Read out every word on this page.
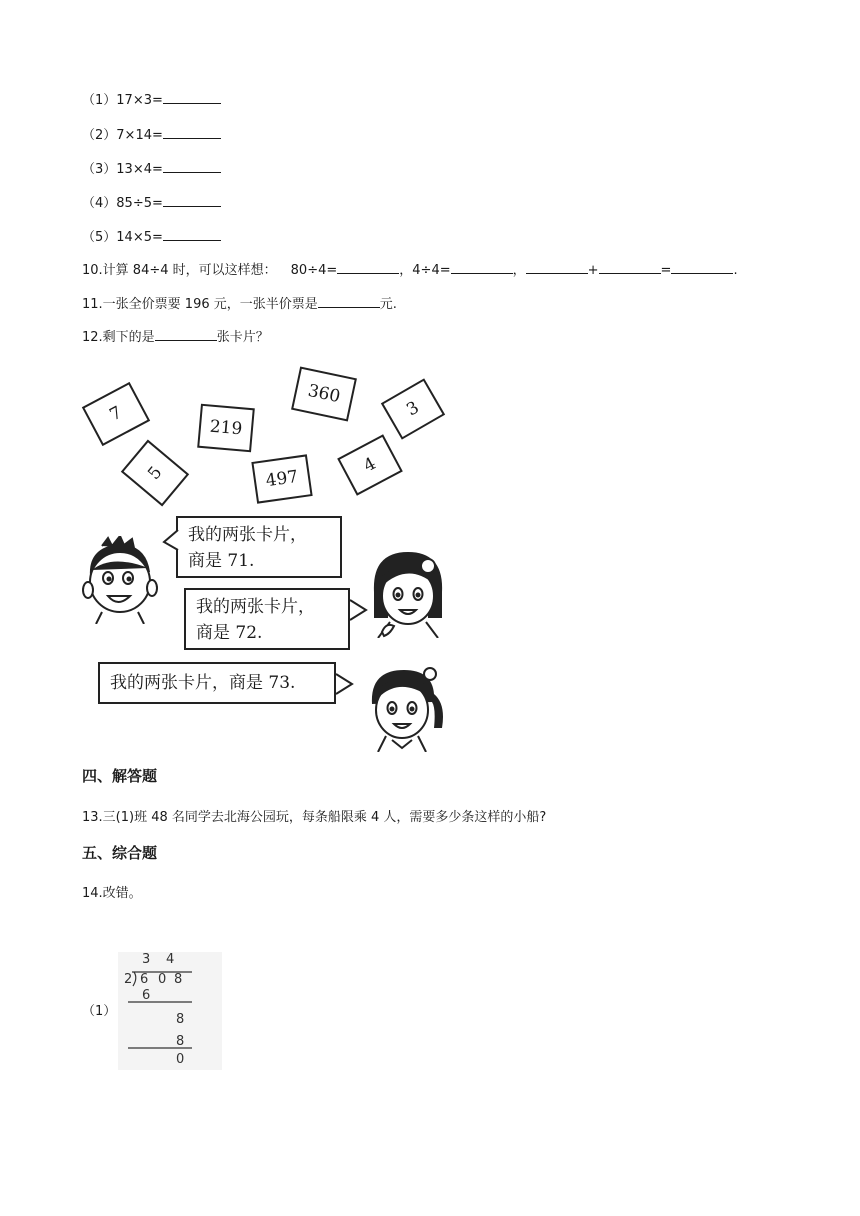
（1）17×3=
（2）7×14=
（3）13×4=
（4）85÷5=
（5）14×5=
10.计算 84÷4 时，可以这样想： 80÷4=	，4÷4=	，	+	=	.
11.一张全价票要 196 元，一张半价票是	元.
12.剩下的是	张卡片？
7
219
360
3
5	497
4
我的两张卡片，
商是 71.
我的两张卡片，
商是 72.
我的两张卡片，商是 73.
四、解答题
13.三(1)班 48 名同学去北海公园玩，每条船限乘 4 人，需要多少条这样的小船?
五、综合题
14.改错。
（1）
3 4
2 6 0 8
6
8
8
0
